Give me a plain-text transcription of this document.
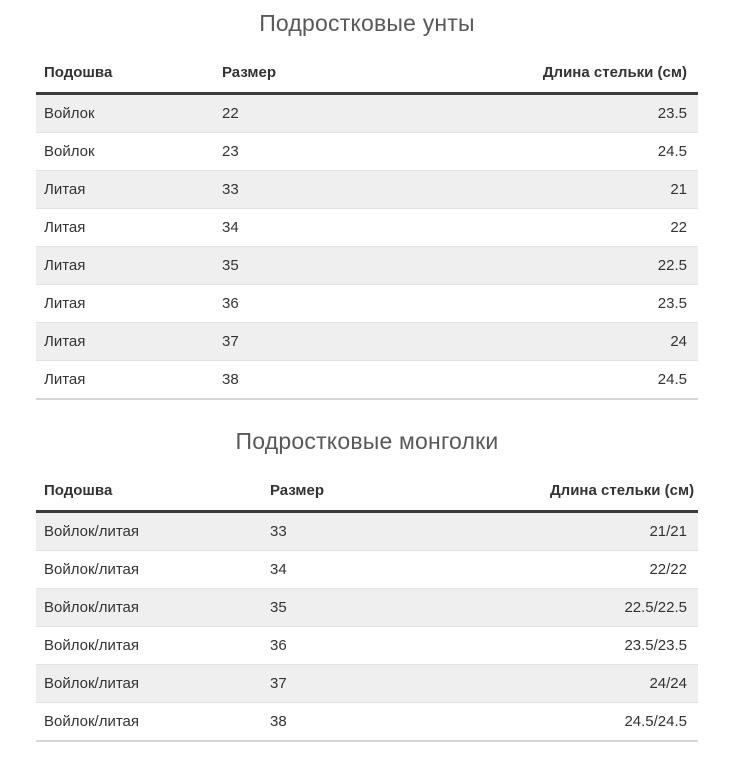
Подростковые унты
Подошва	Размер	Длина стельки (см)
Войлок	22	23.5
Войлок	23	24.5
Литая	33	21
Литая	34	22
Литая	35	22.5
Литая	36	23.5
Литая	37	24
Литая	38	24.5
Подростковые монголки
Подошва	Размер	Длина стельки (см)
Войлок/литая	33	21/21
Войлок/литая	34	22/22
Войлок/литая	35	22.5/22.5
Войлок/литая	36	23.5/23.5
Войлок/литая	37	24/24
Войлок/литая	38	24.5/24.5
